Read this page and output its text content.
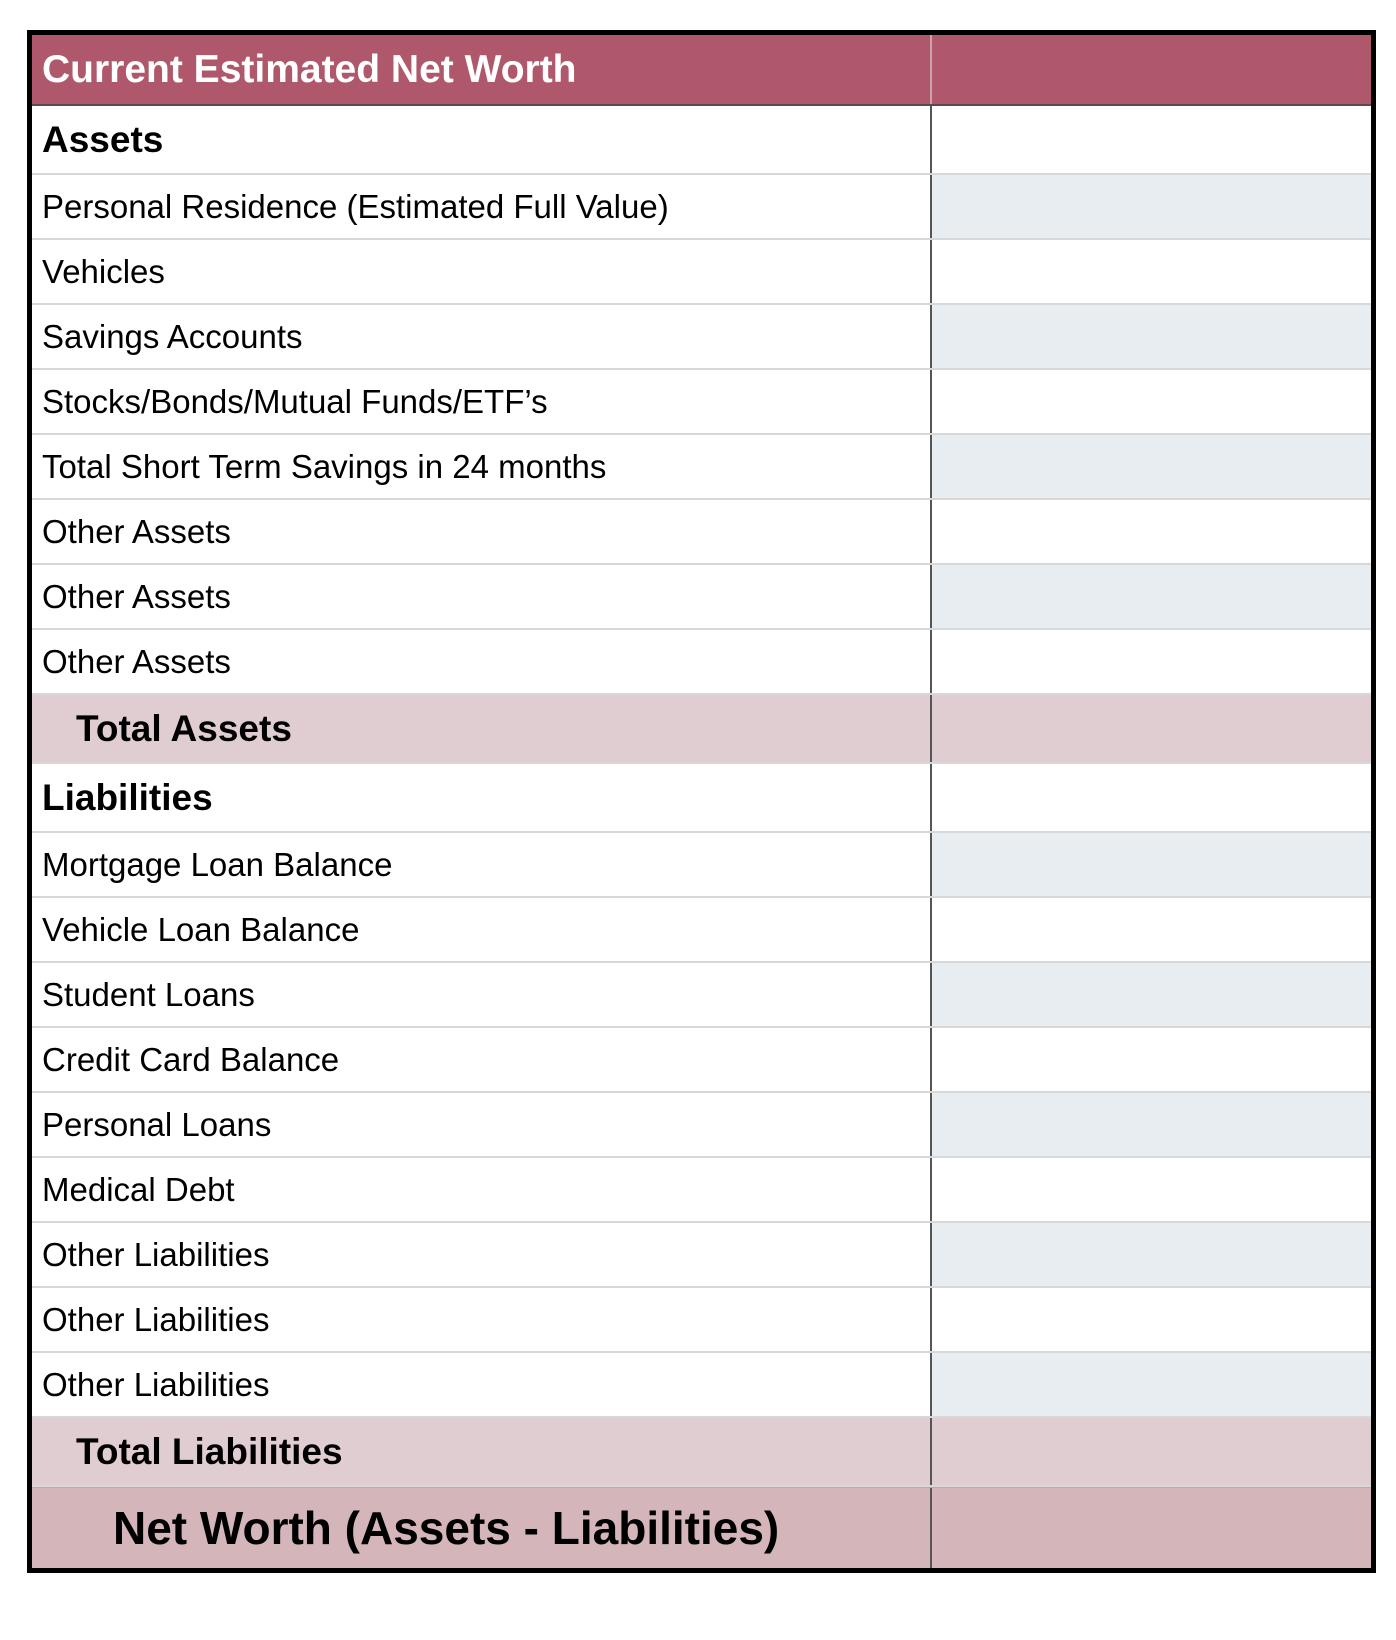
Current Estimated Net Worth
Assets
Personal Residence (Estimated Full Value)
Vehicles
Savings Accounts
Stocks/Bonds/Mutual Funds/ETF’s
Total Short Term Savings in 24 months
Other Assets
Other Assets
Other Assets
Total Assets
Liabilities
Mortgage Loan Balance
Vehicle Loan Balance
Student Loans
Credit Card Balance
Personal Loans
Medical Debt
Other Liabilities
Other Liabilities
Other Liabilities
Total Liabilities
Net Worth (Assets - Liabilities)
